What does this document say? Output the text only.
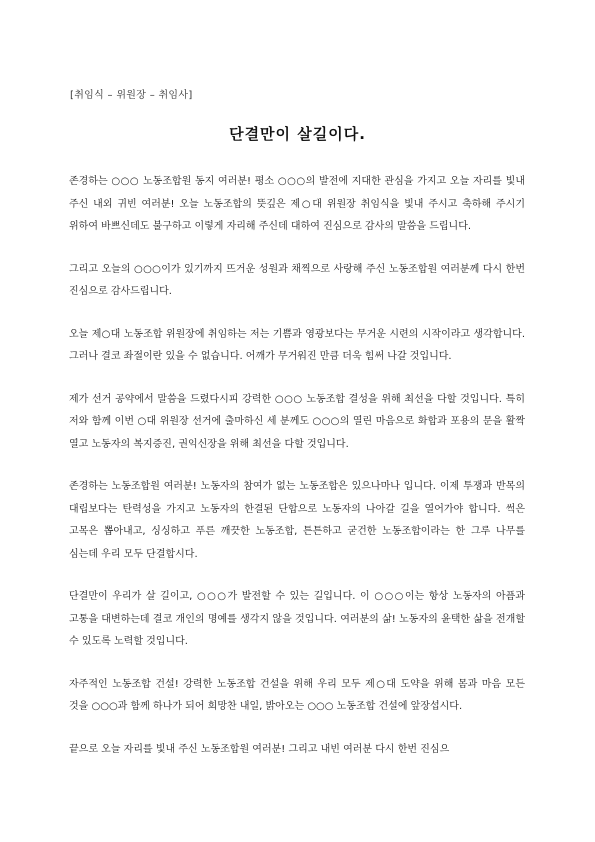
[취임식 – 위원장 – 취임사]
단결만이 살길이다.

존경하는 ○○○ 노동조합원 동지 여러분! 평소 ○○○의 발전에 지대한 관심을 가지고 오늘 자리를 빛내 주신 내외 귀빈 여러분! 오늘 노동조합의 뜻깊은 제○대 위원장 취임식을 빛내 주시고 축하해 주시기 위하여 바쁘신데도 불구하고 이렇게 자리해 주신데 대하여 진심으로 감사의 말씀을 드립니다.

그리고 오늘의 ○○○이가 있기까지 뜨거운 성원과 채찍으로 사랑해 주신 노동조합원 여러분께 다시 한번 진심으로 감사드립니다.

오늘 제○대 노동조합 위원장에 취임하는 저는 기쁨과 영광보다는 무거운 시련의 시작이라고 생각합니다. 그러나 결코 좌절이란 있을 수 없습니다. 어깨가 무거워진 만큼 더욱 힘써 나갈 것입니다.

제가 선거 공약에서 말씀을 드렸다시피 강력한 ○○○ 노동조합 결성을 위해 최선을 다할 것입니다. 특히 저와 함께 이번 ○대 위원장 선거에 출마하신 세 분께도 ○○○의 열린 마음으로 화합과 포용의 문을 활짝 열고 노동자의 복지증진, 권익신장을 위해 최선을 다할 것입니다.

존경하는 노동조합원 여러분! 노동자의 참여가 없는 노동조합은 있으나마나 입니다. 이제 투쟁과 반목의 대립보다는 탄력성을 가지고 노동자의 한결된 단합으로 노동자의 나아갈 길을 열어가야 합니다. 썩은 고목은 뽑아내고, 싱싱하고 푸른 깨끗한 노동조합, 튼튼하고 굳건한 노동조합이라는 한 그루 나무를 심는데 우리 모두 단결합시다.

단결만이 우리가 살 길이고, ○○○가 발전할 수 있는 길입니다. 이 ○○○이는 항상 노동자의 아픔과 고통을 대변하는데 결코 개인의 명예를 생각지 않을 것입니다. 여러분의 삶! 노동자의 윤택한 삶을 전개할 수 있도록 노력할 것입니다.

자주적인 노동조합 건설! 강력한 노동조합 건설을 위해 우리 모두 제○대 도약을 위해 몸과 마음 모든 것을 ○○○과 함께 하나가 되어 희망찬 내일, 밝아오는 ○○○ 노동조합 건설에 앞장섭시다.

끝으로 오늘 자리를 빛내 주신 노동조합원 여러분! 그리고 내빈 여러분 다시 한번 진심으
